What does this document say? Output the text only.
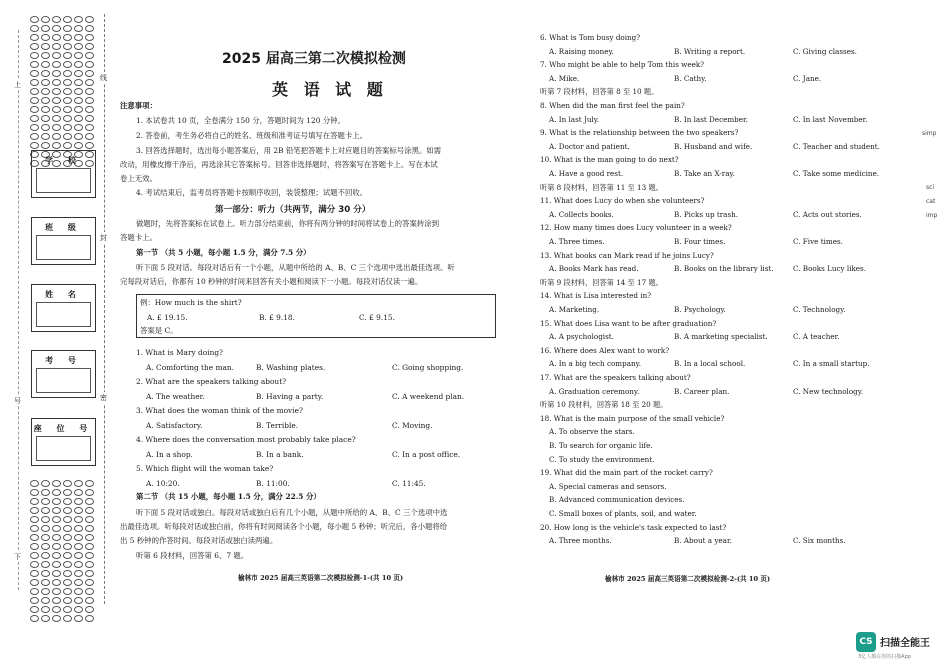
学 校
班 级
姓 名
考 号
座 位 号
线
封
密
上
号
下
2025 届高三第二次模拟检测
英 语 试 题
注意事项：
1. 本试卷共 10 页，全卷满分 150 分，答题时间为 120 分钟。
2. 答卷前，考生务必将自己的姓名、班级和准考证号填写在答题卡上。
3. 回答选择题时，选出每小题答案后，用 2B 铅笔把答题卡上对应题目的答案标号涂黑。如需
改动，用橡皮擦干净后，再选涂其它答案标号。回答非选择题时，将答案写在答题卡上。写在本试
卷上无效。
4. 考试结束后，监考员将答题卡按顺序收回，装袋整理；试题不回收。
第一部分：听力（共两节，满分 30 分）
做题时，先将答案标在试卷上。听力部分结束前，你将有两分钟的时间将试卷上的答案转涂到
答题卡上。
第一节 （共 5 小题，每小题 1.5 分，满分 7.5 分）
听下面 5 段对话。每段对话后有一个小题，从题中所给的 A、B、C 三个选项中选出最佳选项。听
完每段对话后，你都有 10 秒钟的时间来回答有关小题和阅读下一小题。每段对话仅读一遍。
例：How much is the shirt?
A. £ 19.15.	B. £ 9.18.	C. £ 9.15.
答案是 C。
1. What is Mary doing?
A. Comforting the man.	B. Washing plates.	C. Going shopping.
2. What are the speakers talking about?
A. The weather.	B. Having a party.	C. A weekend plan.
3. What does the woman think of the movie?
A. Satisfactory.	B. Terrible.	C. Moving.
4. Where does the conversation most probably take place?
A. In a shop.	B. In a bank.	C. In a post office.
5. Which flight will the woman take?
A. 10:20.	B. 11:00.	C. 11:45.
第二节 （共 15 小题，每小题 1.5 分，满分 22.5 分）
听下面 5 段对话或独白。每段对话或独白后有几个小题，从题中所给的 A、B、C 三个选项中选
出最佳选项。听每段对话或独白前，你将有时间阅读各个小题，每小题 5 秒钟；听完后，各小题将给
出 5 秒钟的作答时间。每段对话或独白读两遍。
听第 6 段材料，回答第 6、7 题。
榆林市 2025 届高三英语第二次模拟检测-1-(共 10 页)
6. What is Tom busy doing?
A. Raising money.	B. Writing a report.	C. Giving classes.
7. Who might be able to help Tom this week?
A. Mike.	B. Cathy.	C. Jane.
听第 7 段材料，回答第 8 至 10 题。
8. When did the man first feel the pain?
A. In last July.	B. In last December.	C. In last November.
9. What is the relationship between the two speakers?
A. Doctor and patient.	B. Husband and wife.	C. Teacher and student.
10. What is the man going to do next?
A. Have a good rest.	B. Take an X-ray.	C. Take some medicine.
听第 8 段材料，回答第 11 至 13 题。
11. What does Lucy do when she volunteers?
A. Collects books.	B. Picks up trash.	C. Acts out stories.
12. How many times does Lucy volunteer in a week?
A. Three times.	B. Four times.	C. Five times.
13. What books can Mark read if he joins Lucy?
A. Books Mark has read.	B. Books on the library list.	C. Books Lucy likes.
听第 9 段材料，回答第 14 至 17 题。
14. What is Lisa interested in?
A. Marketing.	B. Psychology.	C. Technology.
15. What does Lisa want to be after graduation?
A. A psychologist.	B. A marketing specialist.	C. A teacher.
16. Where does Alex want to work?
A. In a big tech company.	B. In a local school.	C. In a small startup.
17. What are the speakers talking about?
A. Graduation ceremony.	B. Career plan.	C. New technology.
听第 10 段材料，回答第 18 至 20 题。
18. What is the main purpose of the small vehicle?
A. To observe the stars.
B. To search for organic life.
C. To study the environment.
19. What did the main part of the rocket carry?
A. Special cameras and sensors.
B. Advanced communication devices.
C. Small boxes of plants, soil, and water.
20. How long is the vehicle's task expected to last?
A. Three months.	B. About a year.	C. Six months.
榆林市 2025 届高三英语第二次模拟检测-2-(共 10 页)
simp
sci
cat
imp
CS 扫描全能王
3亿人都在用的扫描App
